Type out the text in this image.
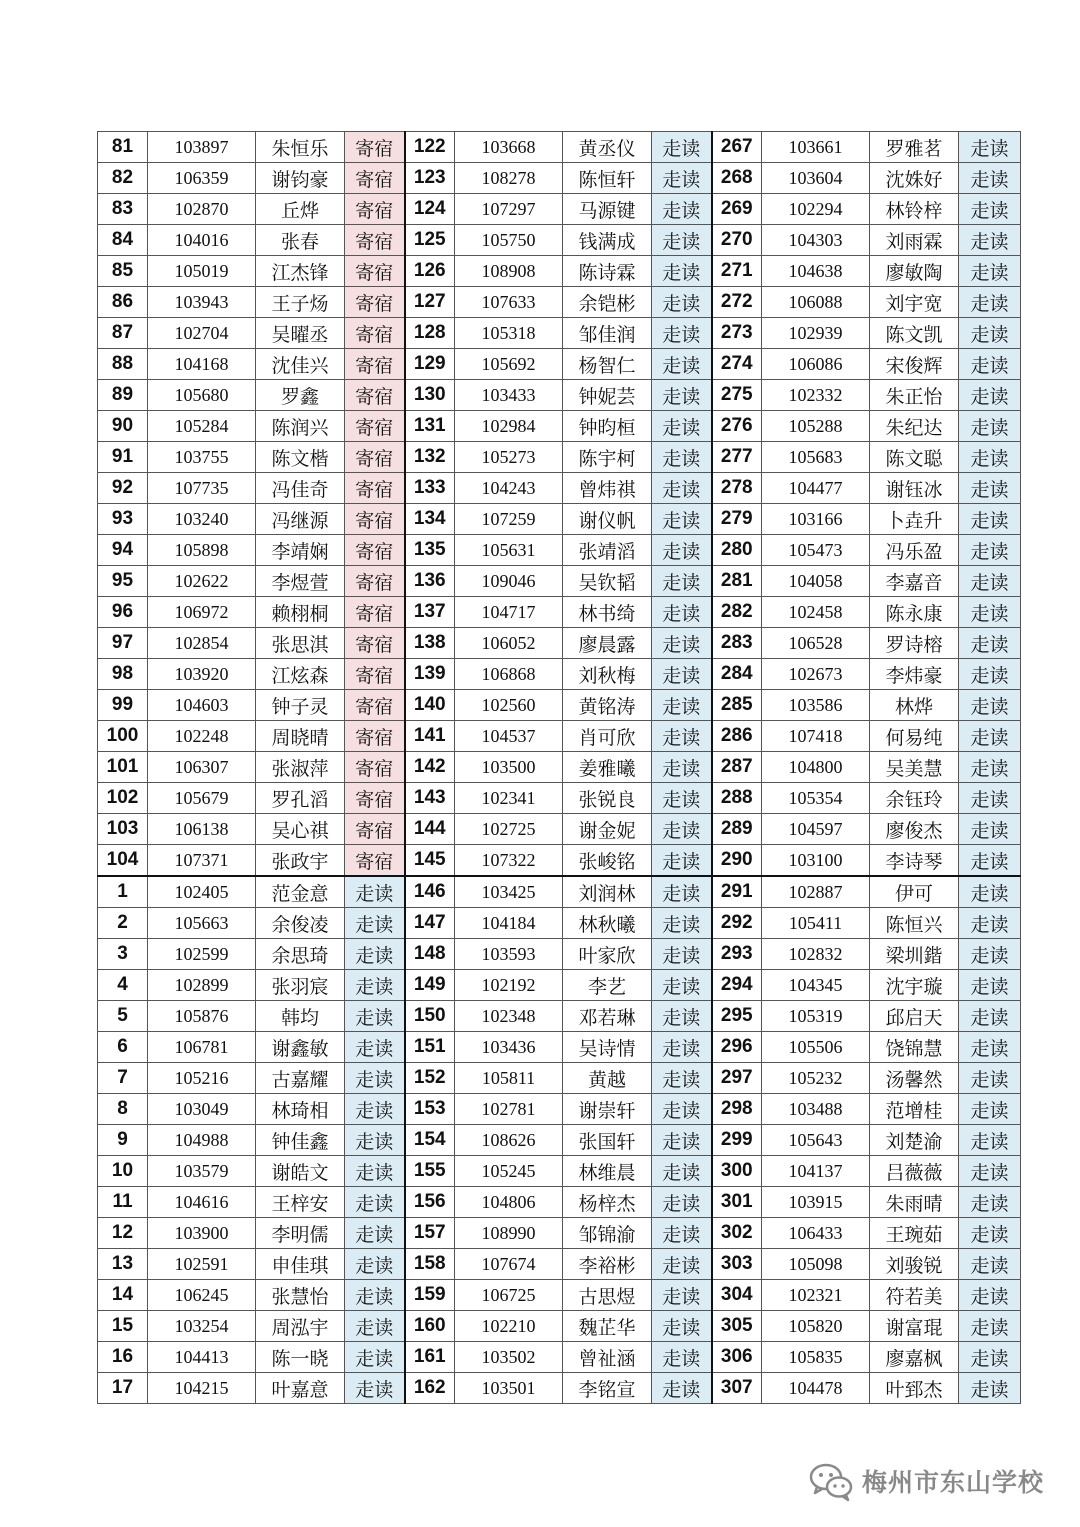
81	103897	朱恒乐	寄宿	122	103668	黄丞仪	走读	267	103661	罗雅茗	走读
82	106359	谢钧豪	寄宿	123	108278	陈恒轩	走读	268	103604	沈姝好	走读
83	102870	丘烨	寄宿	124	107297	马源键	走读	269	102294	林铃梓	走读
84	104016	张春	寄宿	125	105750	钱满成	走读	270	104303	刘雨霖	走读
85	105019	江杰锋	寄宿	126	108908	陈诗霖	走读	271	104638	廖敏陶	走读
86	103943	王子炀	寄宿	127	107633	余铠彬	走读	272	106088	刘宇宽	走读
87	102704	吴曜丞	寄宿	128	105318	邹佳润	走读	273	102939	陈文凯	走读
88	104168	沈佳兴	寄宿	129	105692	杨智仁	走读	274	106086	宋俊辉	走读
89	105680	罗鑫	寄宿	130	103433	钟妮芸	走读	275	102332	朱正怡	走读
90	105284	陈润兴	寄宿	131	102984	钟昀桓	走读	276	105288	朱纪达	走读
91	103755	陈文楷	寄宿	132	105273	陈宇柯	走读	277	105683	陈文聪	走读
92	107735	冯佳奇	寄宿	133	104243	曾炜祺	走读	278	104477	谢钰冰	走读
93	103240	冯继源	寄宿	134	107259	谢仪帆	走读	279	103166	卜垚升	走读
94	105898	李靖娴	寄宿	135	105631	张靖滔	走读	280	105473	冯乐盈	走读
95	102622	李煜萱	寄宿	136	109046	吴钦韬	走读	281	104058	李嘉音	走读
96	106972	赖栩桐	寄宿	137	104717	林书绮	走读	282	102458	陈永康	走读
97	102854	张思淇	寄宿	138	106052	廖晨露	走读	283	106528	罗诗榕	走读
98	103920	江炫森	寄宿	139	106868	刘秋梅	走读	284	102673	李炜豪	走读
99	104603	钟子灵	寄宿	140	102560	黄铭涛	走读	285	103586	林烨	走读
100	102248	周晓晴	寄宿	141	104537	肖可欣	走读	286	107418	何易纯	走读
101	106307	张淑萍	寄宿	142	103500	姜雅曦	走读	287	104800	吴美慧	走读
102	105679	罗孔滔	寄宿	143	102341	张锐良	走读	288	105354	余钰玲	走读
103	106138	吴心祺	寄宿	144	102725	谢金妮	走读	289	104597	廖俊杰	走读
104	107371	张政宇	寄宿	145	107322	张峻铭	走读	290	103100	李诗琴	走读
1	102405	范金意	走读	146	103425	刘润林	走读	291	102887	伊可	走读
2	105663	余俊凌	走读	147	104184	林秋曦	走读	292	105411	陈恒兴	走读
3	102599	余思琦	走读	148	103593	叶家欣	走读	293	102832	梁圳鍇	走读
4	102899	张羽宸	走读	149	102192	李艺	走读	294	104345	沈宇璇	走读
5	105876	韩均	走读	150	102348	邓若琳	走读	295	105319	邱启天	走读
6	106781	谢鑫敏	走读	151	103436	吴诗情	走读	296	105506	饶锦慧	走读
7	105216	古嘉耀	走读	152	105811	黄越	走读	297	105232	汤馨然	走读
8	103049	林琦相	走读	153	102781	谢崇轩	走读	298	103488	范增桂	走读
9	104988	钟佳鑫	走读	154	108626	张国轩	走读	299	105643	刘楚渝	走读
10	103579	谢皓文	走读	155	105245	林维晨	走读	300	104137	吕薇薇	走读
11	104616	王梓安	走读	156	104806	杨梓杰	走读	301	103915	朱雨晴	走读
12	103900	李明儒	走读	157	108990	邹锦渝	走读	302	106433	王琬茹	走读
13	102591	申佳琪	走读	158	107674	李裕彬	走读	303	105098	刘骏锐	走读
14	106245	张慧怡	走读	159	106725	古思煜	走读	304	102321	符若美	走读
15	103254	周泓宇	走读	160	102210	魏芷华	走读	305	105820	谢富琨	走读
16	104413	陈一晓	走读	161	103502	曾祉涵	走读	306	105835	廖嘉枫	走读
17	104215	叶嘉意	走读	162	103501	李铭宣	走读	307	104478	叶郅杰	走读
梅州市东山学校
